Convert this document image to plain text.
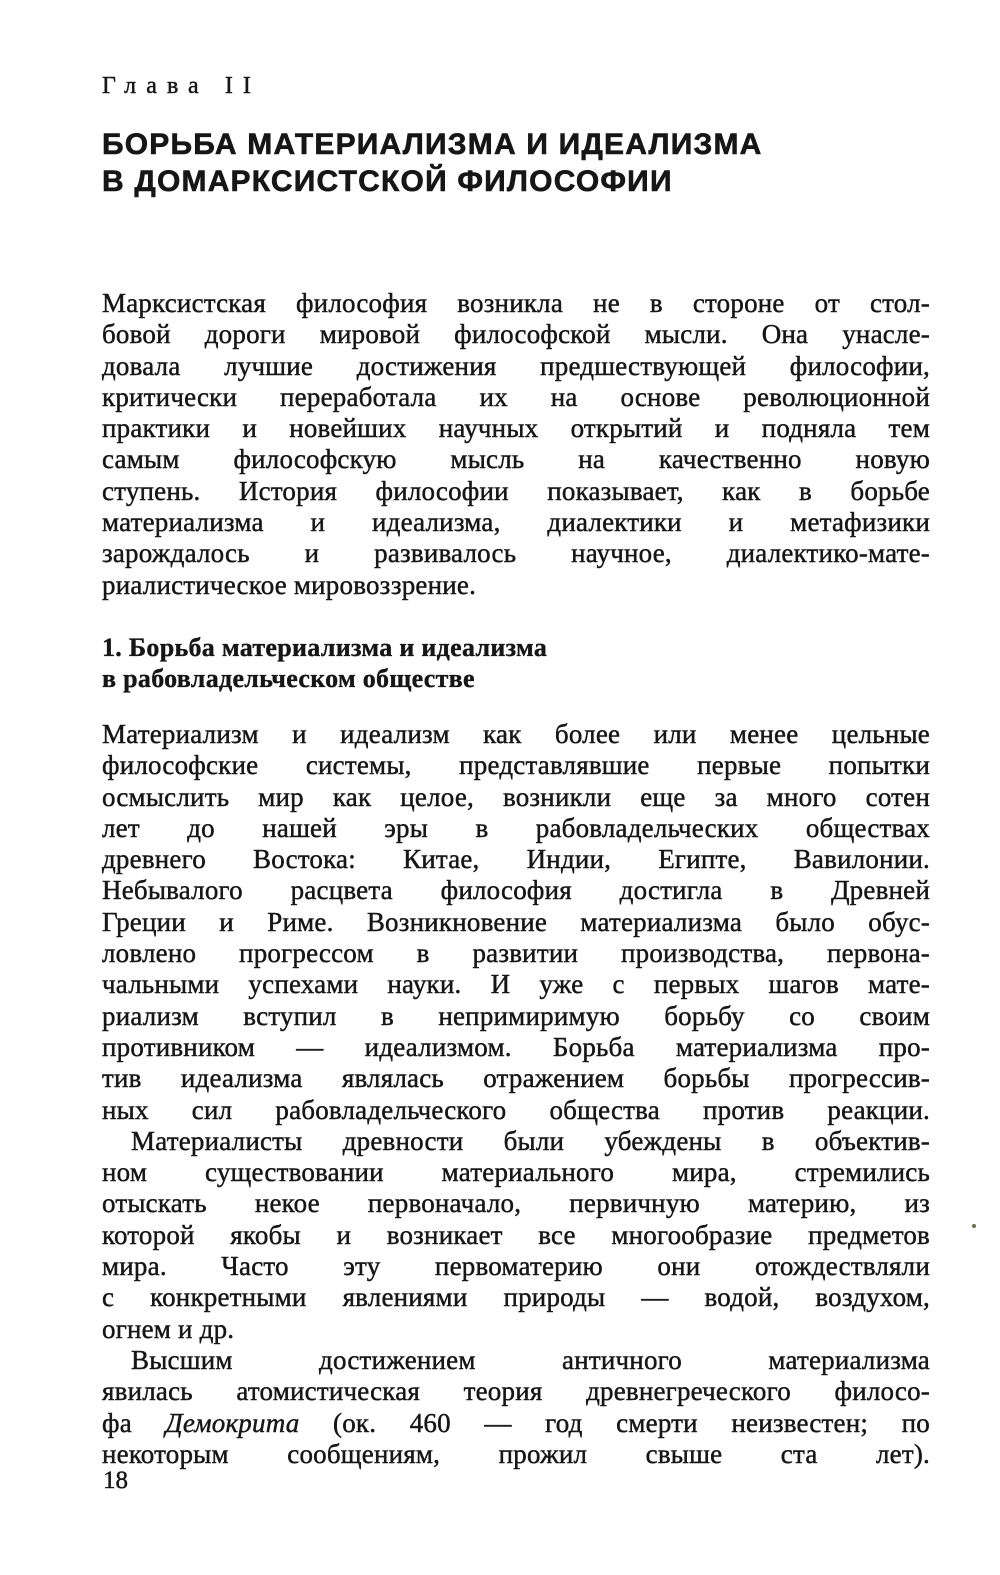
Глава II
БОРЬБА МАТЕРИАЛИЗМА И ИДЕАЛИЗМА
В ДОМАРКСИСТСКОЙ ФИЛОСОФИИ
Марксистская философия возникла не в стороне от стол-
бовой дороги мировой философской мысли. Она унасле-
довала лучшие достижения предшествующей философии,
критически переработала их на основе революционной
практики и новейших научных открытий и подняла тем
самым философскую мысль на качественно новую
ступень. История философии показывает, как в борьбе
материализма и идеализма, диалектики и метафизики
зарождалось и развивалось научное, диалектико-мате-
риалистическое мировоззрение.
1. Борьба материализма и идеализма
в рабовладельческом обществе
Материализм и идеализм как более или менее цельные
философские системы, представлявшие первые попытки
осмыслить мир как целое, возникли еще за много сотен
лет до нашей эры в рабовладельческих обществах
древнего Востока: Китае, Индии, Египте, Вавилонии.
Небывалого расцвета философия достигла в Древней
Греции и Риме. Возникновение материализма было обус-
ловлено прогрессом в развитии производства, первона-
чальными успехами науки. И уже с первых шагов мате-
риализм вступил в непримиримую борьбу со своим
противником — идеализмом. Борьба материализма про-
тив идеализма являлась отражением борьбы прогрессив-
ных сил рабовладельческого общества против реакции.
Материалисты древности были убеждены в объектив-
ном существовании материального мира, стремились
отыскать некое первоначало, первичную материю, из
которой якобы и возникает все многообразие предметов
мира. Часто эту первоматерию они отождествляли
с конкретными явлениями природы — водой, воздухом,
огнем и др.
Высшим достижением античного материализма
явилась атомистическая теория древнегреческого филосо-
фа Демокрита (ок. 460 — год смерти неизвестен; по
некоторым сообщениям, прожил свыше ста лет).
18
